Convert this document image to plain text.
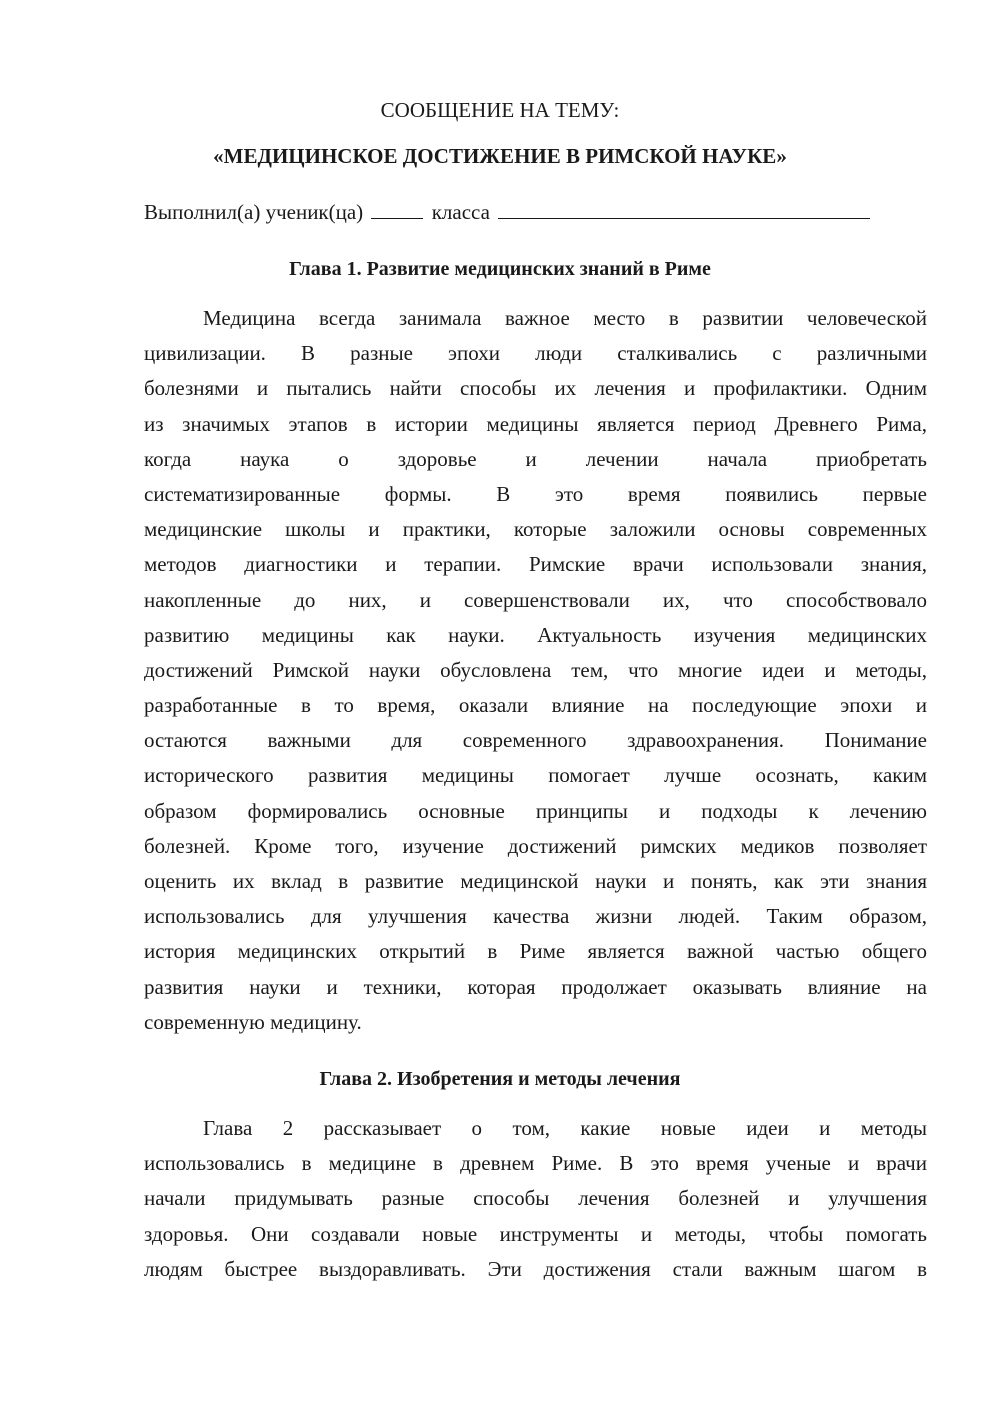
СООБЩЕНИЕ НА ТЕМУ:
«МЕДИЦИНСКОЕ ДОСТИЖЕНИЕ В РИМСКОЙ НАУКЕ»
Выполнил(а) ученик(ца)	класса
Глава 1. Развитие медицинских знаний в Риме
Медицина всегда занимала важное место в развитии человеческой
цивилизации. В разные эпохи люди сталкивались с различными
болезнями и пытались найти способы их лечения и профилактики. Одним
из значимых этапов в истории медицины является период Древнего Рима,
когда наука о здоровье и лечении начала приобретать
систематизированные формы. В это время появились первые
медицинские школы и практики, которые заложили основы современных
методов диагностики и терапии. Римские врачи использовали знания,
накопленные до них, и совершенствовали их, что способствовало
развитию медицины как науки. Актуальность изучения медицинских
достижений Римской науки обусловлена тем, что многие идеи и методы,
разработанные в то время, оказали влияние на последующие эпохи и
остаются важными для современного здравоохранения. Понимание
исторического развития медицины помогает лучше осознать, каким
образом формировались основные принципы и подходы к лечению
болезней. Кроме того, изучение достижений римских медиков позволяет
оценить их вклад в развитие медицинской науки и понять, как эти знания
использовались для улучшения качества жизни людей. Таким образом,
история медицинских открытий в Риме является важной частью общего
развития науки и техники, которая продолжает оказывать влияние на
современную медицину.
Глава 2. Изобретения и методы лечения
Глава 2 рассказывает о том, какие новые идеи и методы
использовались в медицине в древнем Риме. В это время ученые и врачи
начали придумывать разные способы лечения болезней и улучшения
здоровья. Они создавали новые инструменты и методы, чтобы помогать
людям быстрее выздоравливать. Эти достижения стали важным шагом в
